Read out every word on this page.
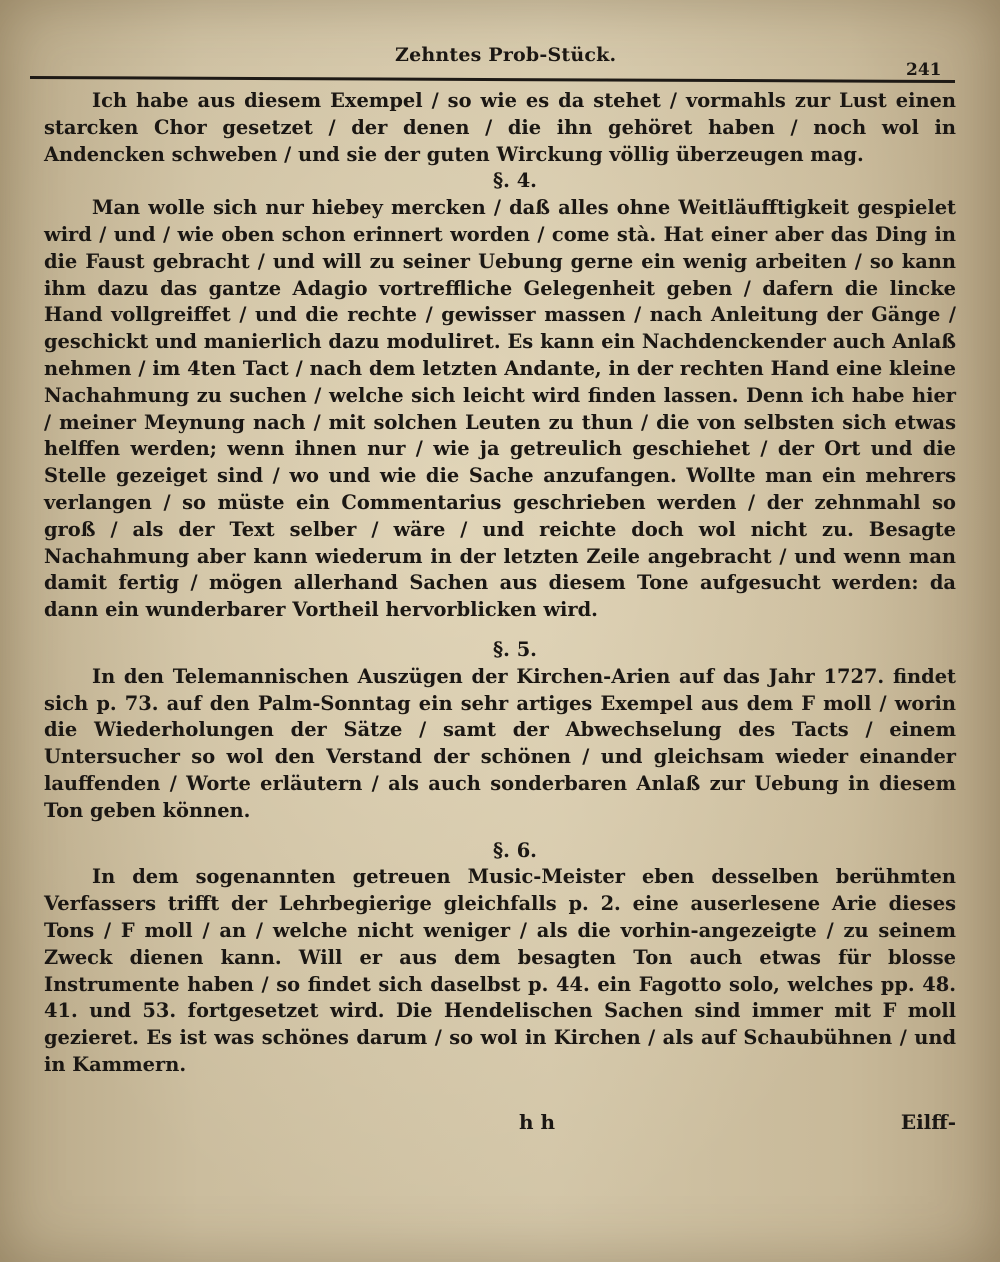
Zehntes Prob-Stück.
241

Ich habe aus diesem Exempel / so wie es da stehet / vormahls zur Lust einen starcken Chor gesetzet / der denen / die ihn gehöret haben / noch wol in Andencken schweben / und sie der guten Wirckung völlig überzeugen mag.

§. 4.

Man wolle sich nur hiebey mercken / daß alles ohne Weitläufftigkeit gespielet wird / und / wie oben schon erinnert worden / come stà. Hat einer aber das Ding in die Faust gebracht / und will zu seiner Uebung gerne ein wenig arbeiten / so kann ihm dazu das gantze Adagio vortreffliche Gelegenheit geben / dafern die lincke Hand vollgreiffet / und die rechte / gewisser massen / nach Anleitung der Gänge / geschickt und manierlich dazu moduliret. Es kann ein Nachdenckender auch Anlaß nehmen / im 4ten Tact / nach dem letzten Andante, in der rechten Hand eine kleine Nachahmung zu suchen / welche sich leicht wird finden lassen. Denn ich habe hier / meiner Meynung nach / mit solchen Leuten zu thun / die von selbsten sich etwas helffen werden; wenn ihnen nur / wie ja getreulich geschiehet / der Ort und die Stelle gezeiget sind / wo und wie die Sache anzufangen. Wollte man ein mehrers verlangen / so müste ein Commentarius geschrieben werden / der zehnmahl so groß / als der Text selber / wäre / und reichte doch wol nicht zu. Besagte Nachahmung aber kann wiederum in der letzten Zeile angebracht / und wenn man damit fertig / mögen allerhand Sachen aus diesem Tone aufgesucht werden: da dann ein wunderbarer Vortheil hervorblicken wird.

§. 5.

In den Telemannischen Auszügen der Kirchen-Arien auf das Jahr 1727. findet sich p. 73. auf den Palm-Sonntag ein sehr artiges Exempel aus dem F moll / worin die Wiederholungen der Sätze / samt der Abwechselung des Tacts / einem Untersucher so wol den Verstand der schönen / und gleichsam wieder einander lauffenden / Worte erläutern / als auch sonderbaren Anlaß zur Uebung in diesem Ton geben können.

§. 6.

In dem sogenannten getreuen Music-Meister eben desselben berühmten Verfassers trifft der Lehrbegierige gleichfalls p. 2. eine auserlesene Arie dieses Tons / F moll / an / welche nicht weniger / als die vorhin-angezeigte / zu seinem Zweck dienen kann. Will er aus dem besagten Ton auch etwas für blosse Instrumente haben / so findet sich daselbst p. 44. ein Fagotto solo, welches pp. 48. 41. und 53. fortgesetzet wird. Die Hendelischen Sachen sind immer mit F moll gezieret. Es ist was schönes darum / so wol in Kirchen / als auf Schaubühnen / und in Kammern.

h h	Eilff-
